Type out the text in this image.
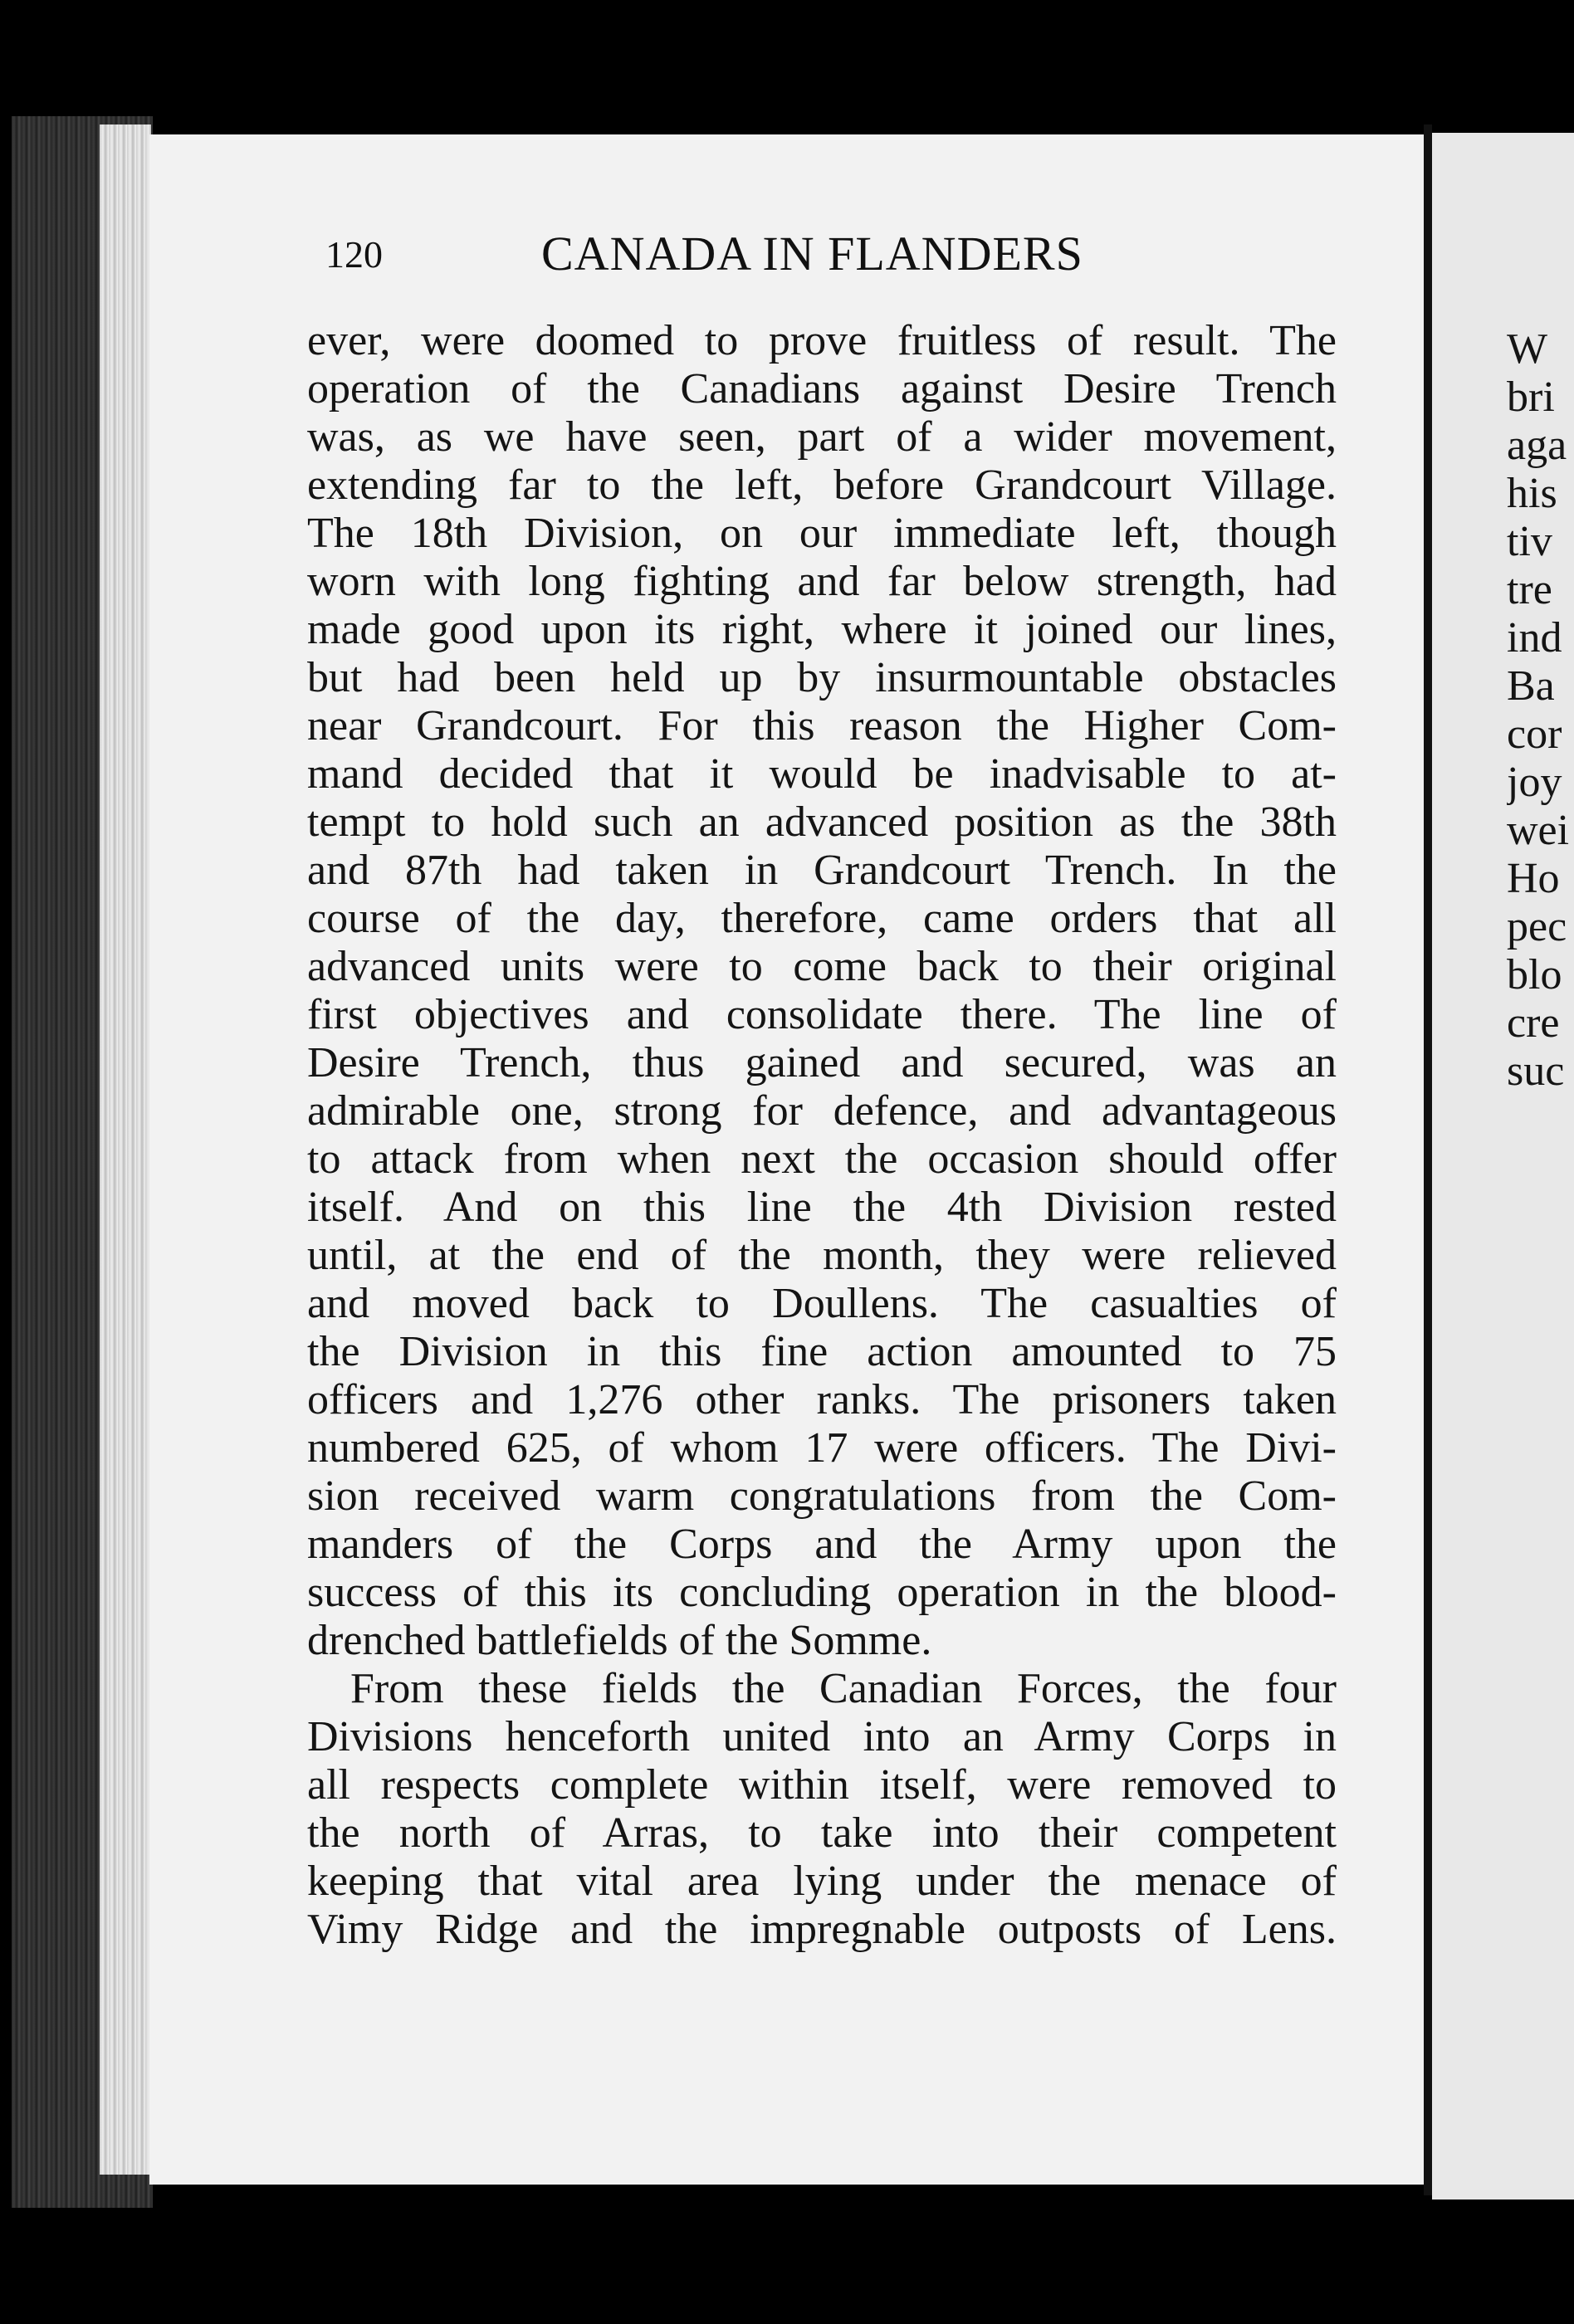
120	CANADA IN FLANDERS
ever, were doomed to prove fruitless of result. The
operation of the Canadians against Desire Trench
was, as we have seen, part of a wider movement,
extending far to the left, before Grandcourt Village.
The 18th Division, on our immediate left, though
worn with long fighting and far below strength, had
made good upon its right, where it joined our lines,
but had been held up by insurmountable obstacles
near Grandcourt. For this reason the Higher Com-
mand decided that it would be inadvisable to at-
tempt to hold such an advanced position as the 38th
and 87th had taken in Grandcourt Trench. In the
course of the day, therefore, came orders that all
advanced units were to come back to their original
first objectives and consolidate there. The line of
Desire Trench, thus gained and secured, was an
admirable one, strong for defence, and advantageous
to attack from when next the occasion should offer
itself. And on this line the 4th Division rested
until, at the end of the month, they were relieved
and moved back to Doullens. The casualties of
the Division in this fine action amounted to 75
officers and 1,276 other ranks. The prisoners taken
numbered 625, of whom 17 were officers. The Divi-
sion received warm congratulations from the Com-
manders of the Corps and the Army upon the
success of this its concluding operation in the blood-
drenched battlefields of the Somme.
From these fields the Canadian Forces, the four
Divisions henceforth united into an Army Corps in
all respects complete within itself, were removed to
the north of Arras, to take into their competent
keeping that vital area lying under the menace of
Vimy Ridge and the impregnable outposts of Lens.
W
bri
aga
his
tiv
tre
ind
Ba
cor
joy
wei
Ho
pec
blo
cre
suc
